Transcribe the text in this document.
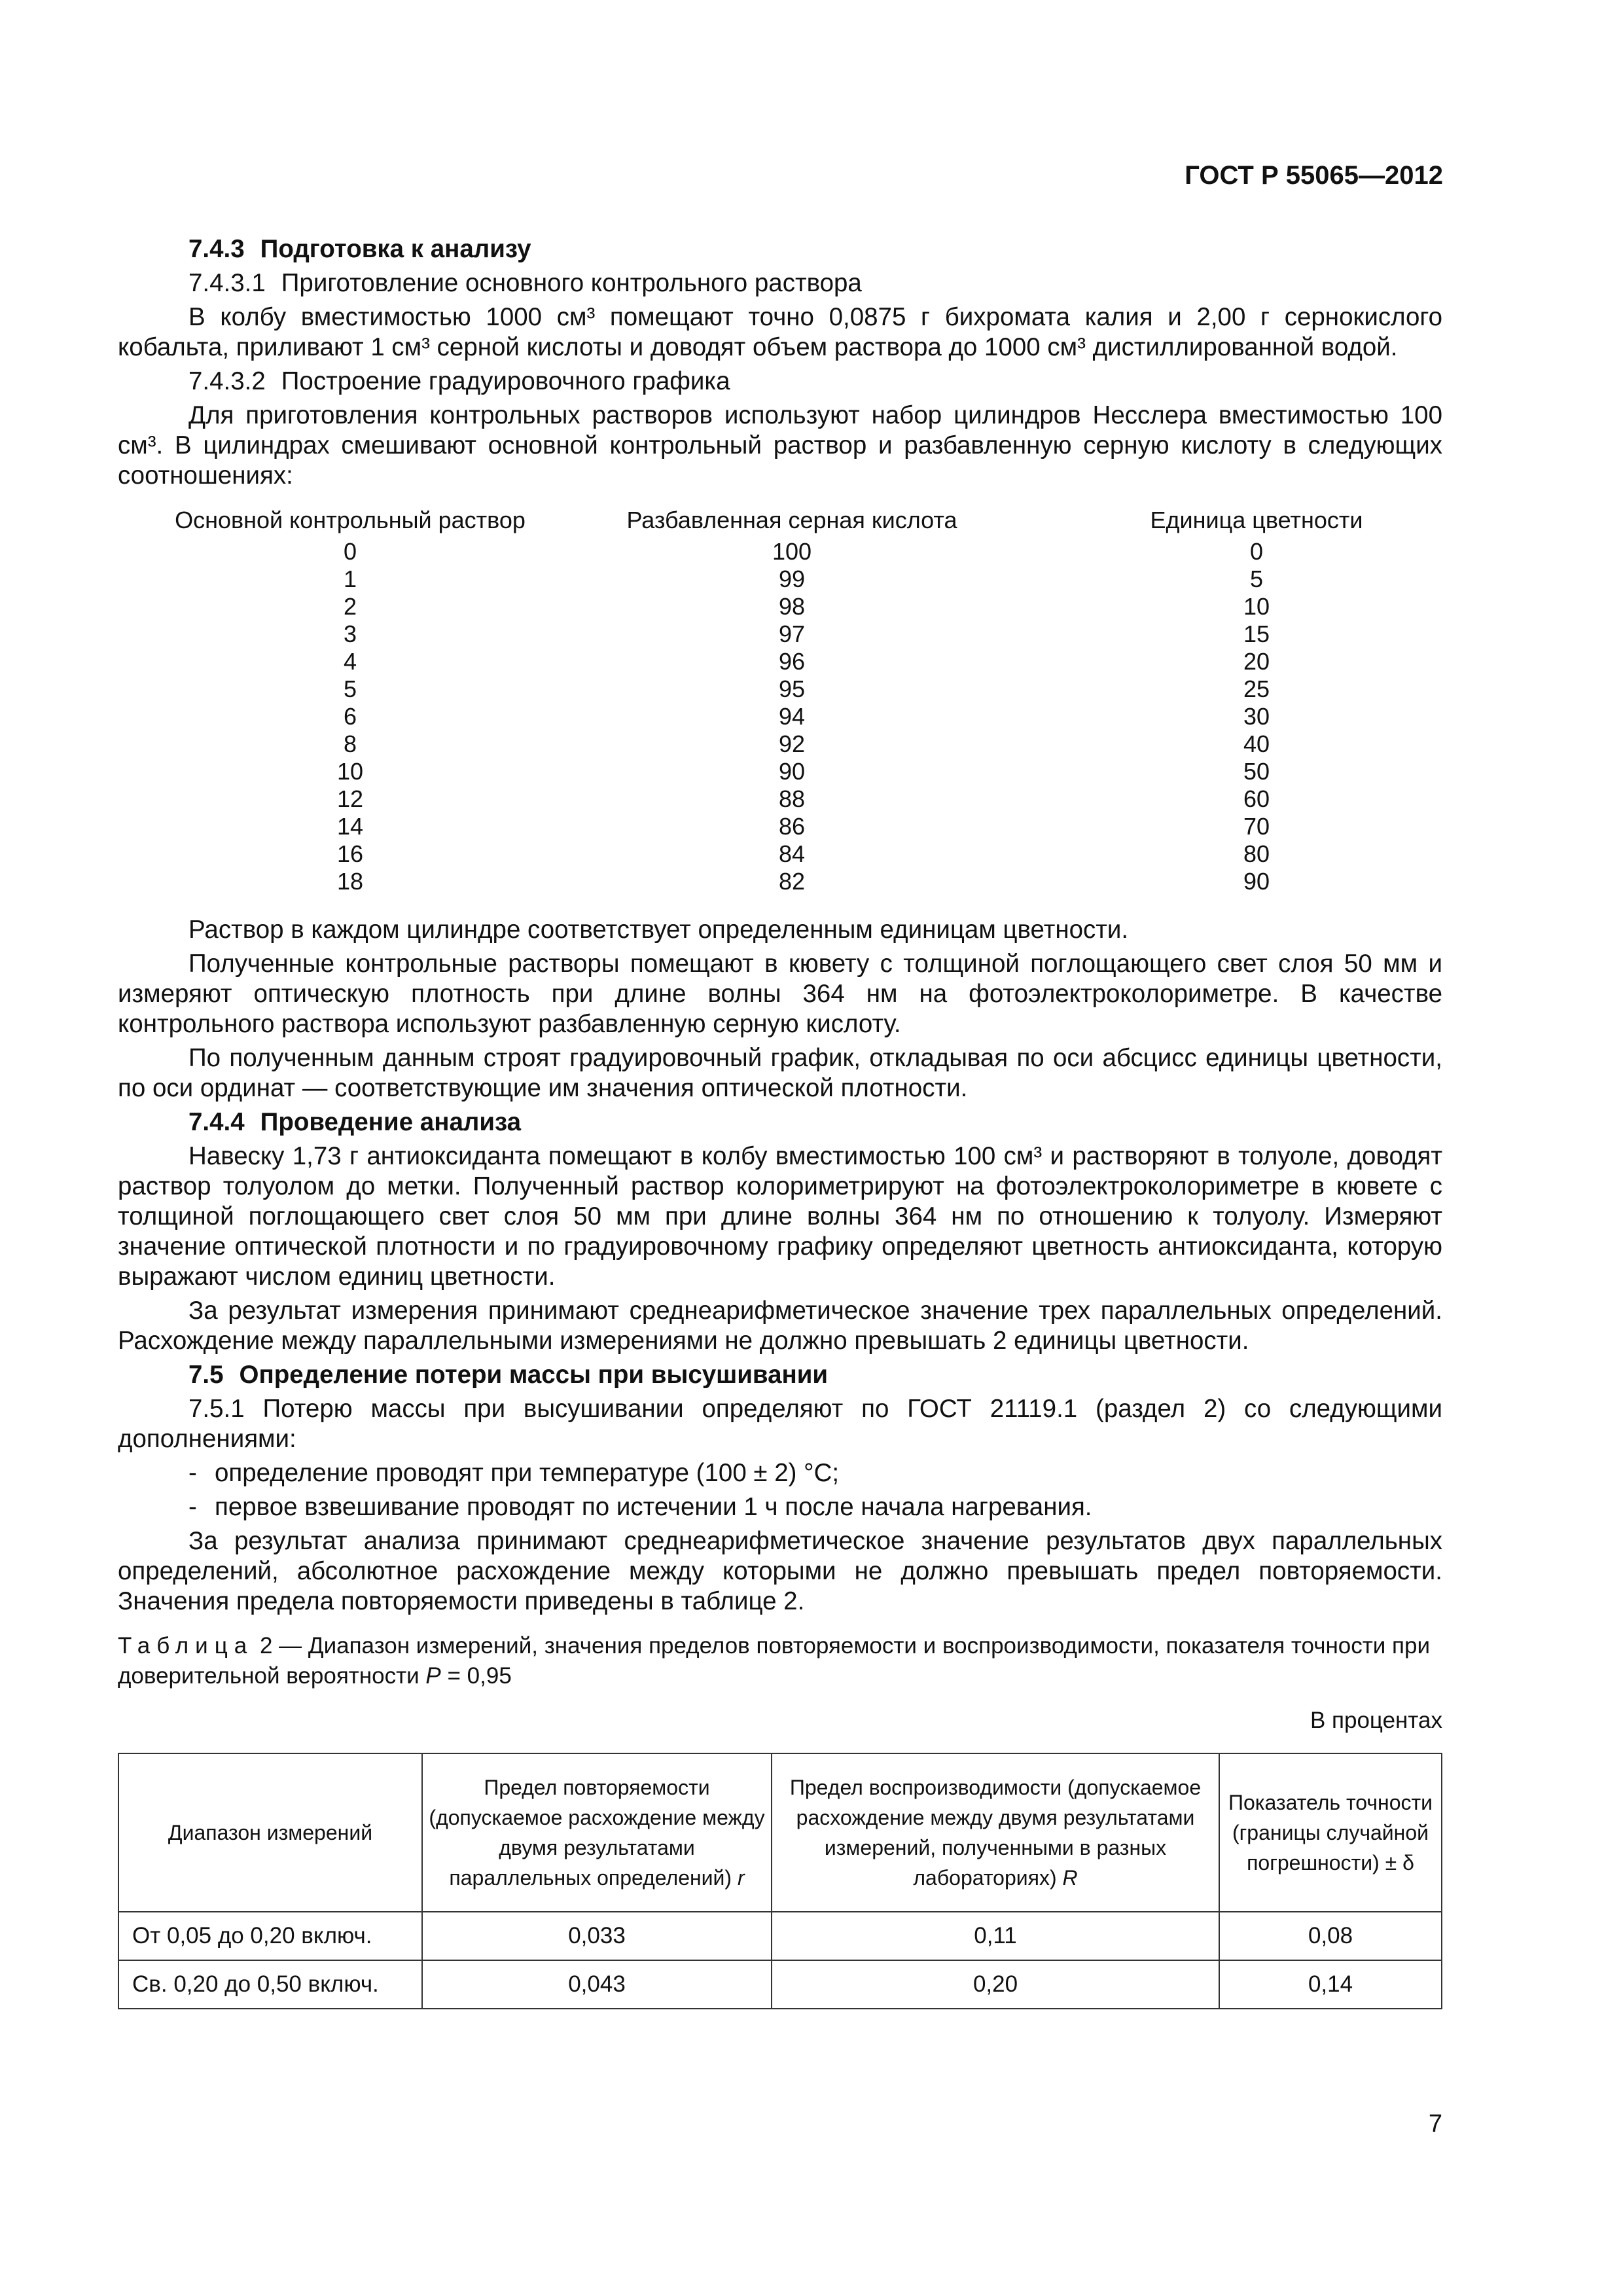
ГОСТ Р 55065—2012
7.4.3 Подготовка к анализу
7.4.3.1 Приготовление основного контрольного раствора

В колбу вместимостью 1000 см³ помещают точно 0,0875 г бихромата калия и 2,00 г сернокислого кобальта, приливают 1 см³ серной кислоты и доводят объем раствора до 1000 см³ дистиллированной водой.

7.4.3.2 Построение градуировочного графика

Для приготовления контрольных растворов используют набор цилиндров Несслера вместимостью 100 см³. В цилиндрах смешивают основной контрольный раствор и разбавленную серную кислоту в следующих соотношениях:

Основной контрольный раствор	Разбавленная серная кислота	Единица цветности
0	100	0
1	99	5
2	98	10
3	97	15
4	96	20
5	95	25
6	94	30
8	92	40
10	90	50
12	88	60
14	86	70
16	84	80
18	82	90

Раствор в каждом цилиндре соответствует определенным единицам цветности.

Полученные контрольные растворы помещают в кювету с толщиной поглощающего свет слоя 50 мм и измеряют оптическую плотность при длине волны 364 нм на фотоэлектроколориметре. В качестве контрольного раствора используют разбавленную серную кислоту.

По полученным данным строят градуировочный график, откладывая по оси абсцисс единицы цветности, по оси ординат — соответствующие им значения оптической плотности.

7.4.4 Проведение анализа

Навеску 1,73 г антиоксиданта помещают в колбу вместимостью 100 см³ и растворяют в толуоле, доводят раствор толуолом до метки. Полученный раствор колориметрируют на фотоэлектроколориметре в кювете с толщиной поглощающего свет слоя 50 мм при длине волны 364 нм по отношению к толуолу. Измеряют значение оптической плотности и по градуировочному графику определяют цветность антиоксиданта, которую выражают числом единиц цветности.

За результат измерения принимают среднеарифметическое значение трех параллельных определений. Расхождение между параллельными измерениями не должно превышать 2 единицы цветности.

7.5 Определение потери массы при высушивании

7.5.1 Потерю массы при высушивании определяют по ГОСТ 21119.1 (раздел 2) со следующими дополнениями:

- определение проводят при температуре (100 ± 2) °С;
- первое взвешивание проводят по истечении 1 ч после начала нагревания.

За результат анализа принимают среднеарифметическое значение результатов двух параллельных определений, абсолютное расхождение между которыми не должно превышать предел повторяемости. Значения предела повторяемости приведены в таблице 2.

Таблица 2 — Диапазон измерений, значения пределов повторяемости и воспроизводимости, показателя точности при доверительной вероятности Р = 0,95
В процентах
Диапазон измерений	Предел повторяемости (допускаемое расхождение между двумя результатами параллельных определений) r	Предел воспроизводимости (допускаемое расхождение между двумя результатами измерений, полученными в разных лабораториях) R	Показатель точности (границы случайной погрешности) ± δ
От 0,05 до 0,20 включ.	0,033	0,11	0,08
Св. 0,20 до 0,50 включ.	0,043	0,20	0,14
7
